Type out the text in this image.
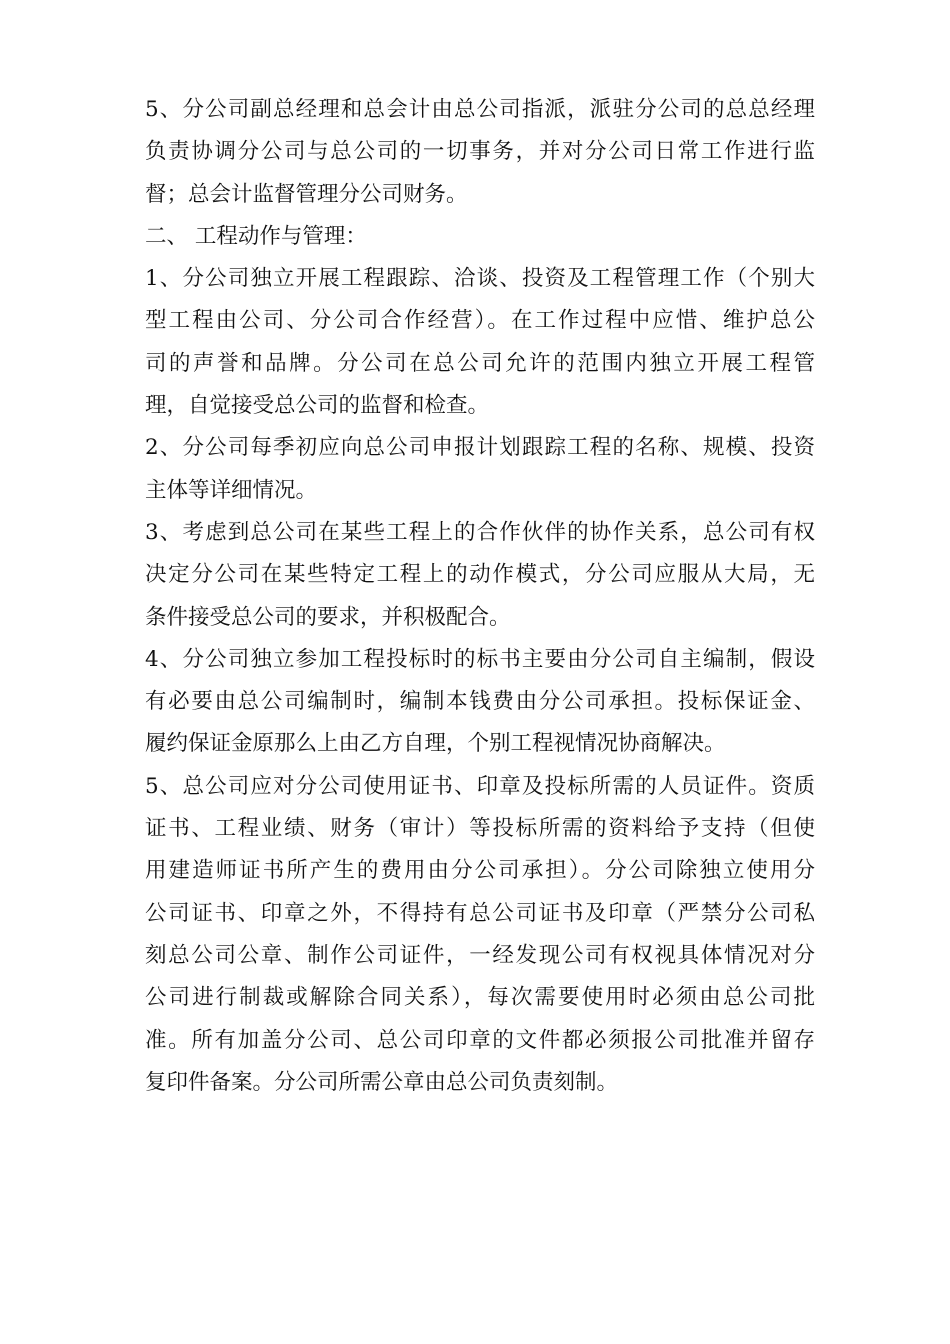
5、分公司副总经理和总会计由总公司指派，派驻分公司的总总经理
负责协调分公司与总公司的一切事务，并对分公司日常工作进行监
督；总会计监督管理分公司财务。
二、 工程动作与管理：
1、分公司独立开展工程跟踪、洽谈、投资及工程管理工作（个别大
型工程由公司、分公司合作经营）。在工作过程中应惜、维护总公
司的声誉和品牌。分公司在总公司允许的范围内独立开展工程管
理，自觉接受总公司的监督和检查。
2、分公司每季初应向总公司申报计划跟踪工程的名称、规模、投资
主体等详细情况。
3、考虑到总公司在某些工程上的合作伙伴的协作关系，总公司有权
决定分公司在某些特定工程上的动作模式，分公司应服从大局，无
条件接受总公司的要求，并积极配合。
4、分公司独立参加工程投标时的标书主要由分公司自主编制，假设
有必要由总公司编制时，编制本钱费由分公司承担。投标保证金、
履约保证金原那么上由乙方自理，个别工程视情况协商解决。
5、总公司应对分公司使用证书、印章及投标所需的人员证件。资质
证书、工程业绩、财务（审计）等投标所需的资料给予支持（但使
用建造师证书所产生的费用由分公司承担）。分公司除独立使用分
公司证书、印章之外，不得持有总公司证书及印章（严禁分公司私
刻总公司公章、制作公司证件，一经发现公司有权视具体情况对分
公司进行制裁或解除合同关系），每次需要使用时必须由总公司批
准。所有加盖分公司、总公司印章的文件都必须报公司批准并留存
复印件备案。分公司所需公章由总公司负责刻制。
